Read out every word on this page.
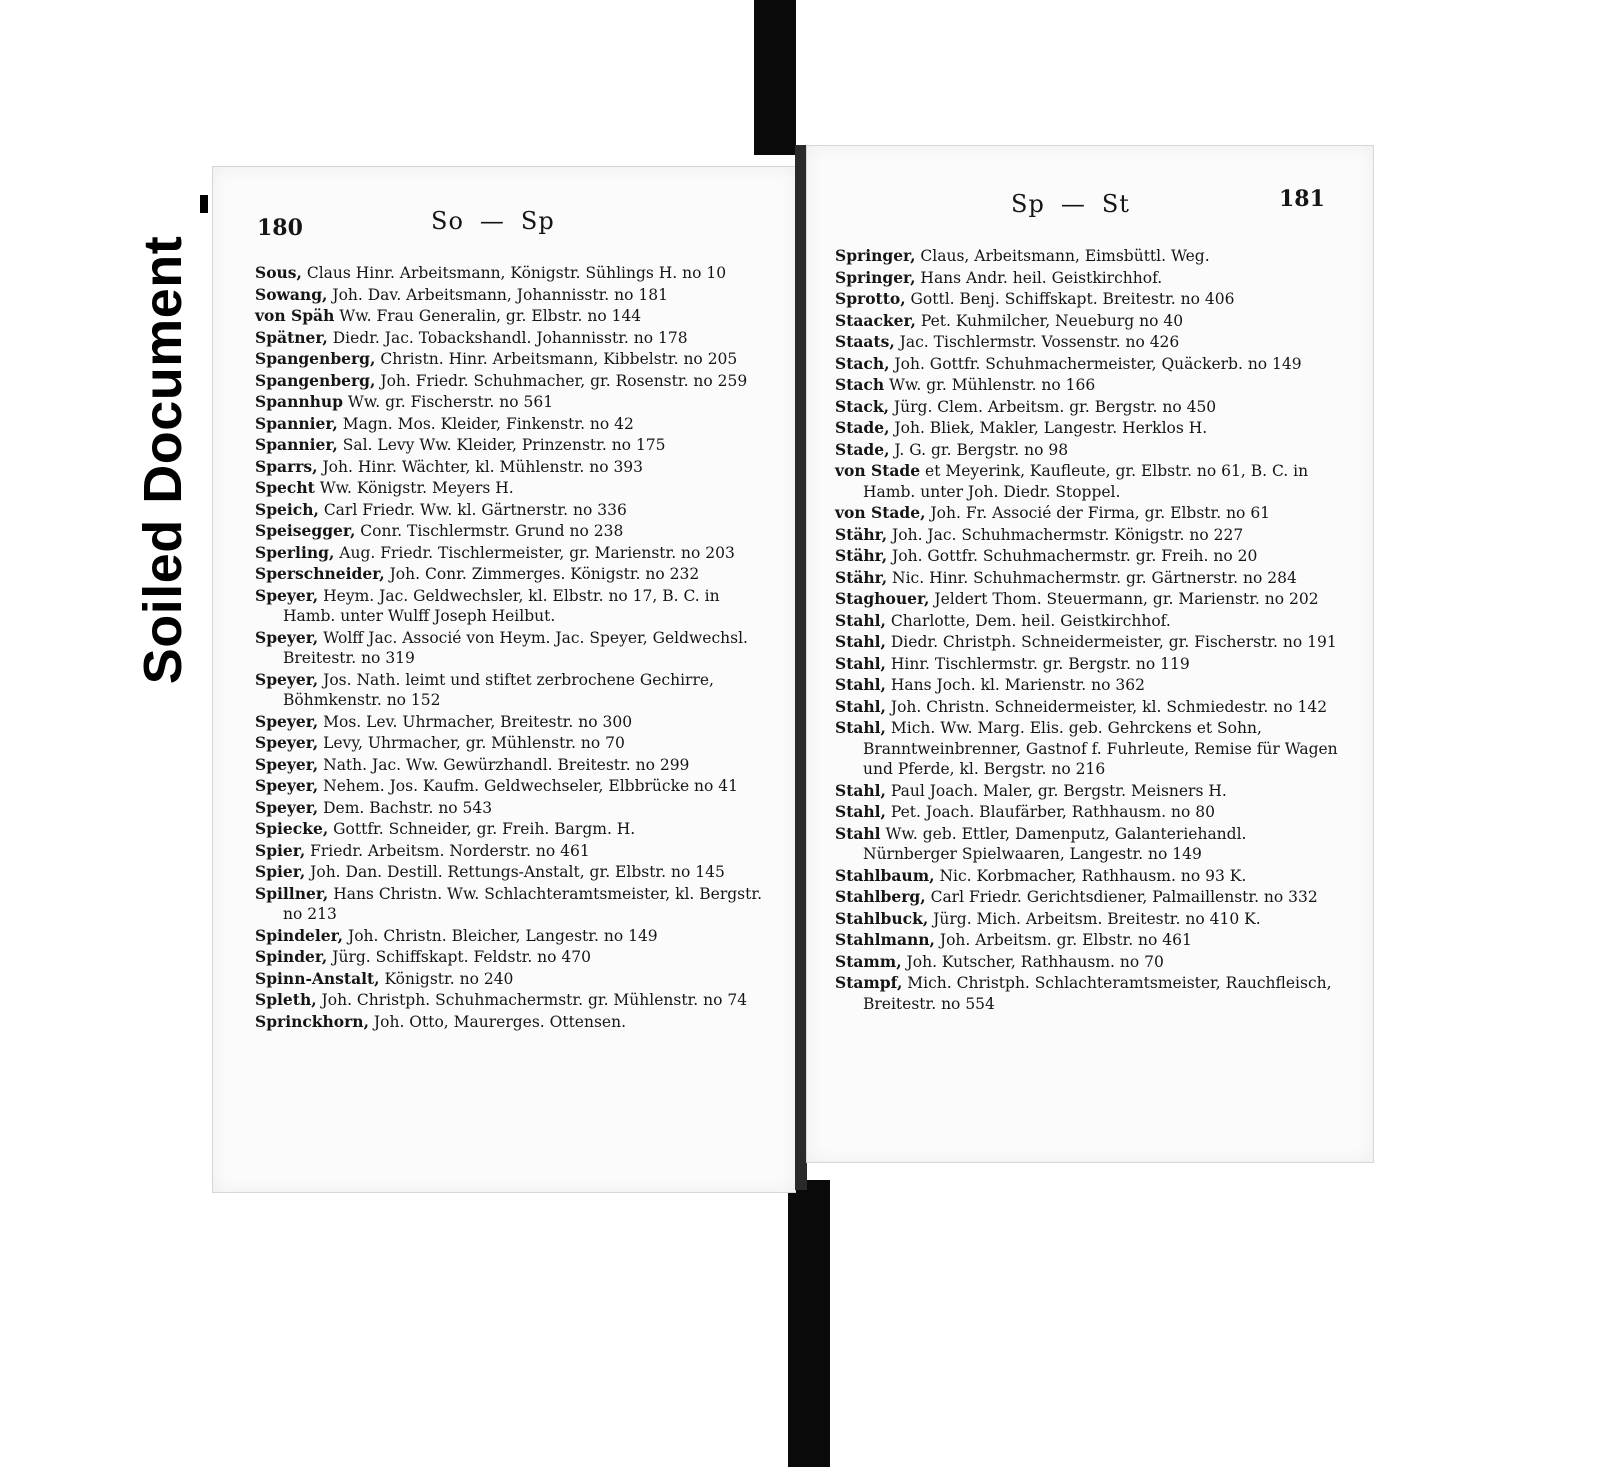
Soiled Document
180	So — Sp
Sous, Claus Hinr. Arbeitsmann, Königstr. Sühlings H. no 10
Sowang, Joh. Dav. Arbeitsmann, Johannisstr. no 181
von Späh Ww. Frau Generalin, gr. Elbstr. no 144
Spätner, Diedr. Jac. Tobackshandl. Johannisstr. no 178
Spangenberg, Christn. Hinr. Arbeitsmann, Kibbelstr. no 205
Spangenberg, Joh. Friedr. Schuhmacher, gr. Rosenstr. no 259
Spannhup Ww. gr. Fischerstr. no 561
Spannier, Magn. Mos. Kleider, Finkenstr. no 42
Spannier, Sal. Levy Ww. Kleider, Prinzenstr. no 175
Sparrs, Joh. Hinr. Wächter, kl. Mühlenstr. no 393
Specht Ww. Königstr. Meyers H.
Speich, Carl Friedr. Ww. kl. Gärtnerstr. no 336
Speisegger, Conr. Tischlermstr. Grund no 238
Sperling, Aug. Friedr. Tischlermeister, gr. Marienstr. no 203
Sperschneider, Joh. Conr. Zimmerges. Königstr. no 232
Speyer, Heym. Jac. Geldwechsler, kl. Elbstr. no 17, B. C. in Hamb. unter Wulff Joseph Heilbut.
Speyer, Wolff Jac. Associé von Heym. Jac. Speyer, Geldwechsl. Breitestr. no 319
Speyer, Jos. Nath. leimt und stiftet zerbrochene Gechirre, Böhmkenstr. no 152
Speyer, Mos. Lev. Uhrmacher, Breitestr. no 300
Speyer, Levy, Uhrmacher, gr. Mühlenstr. no 70
Speyer, Nath. Jac. Ww. Gewürzhandl. Breitestr. no 299
Speyer, Nehem. Jos. Kaufm. Geldwechseler, Elbbrücke no 41
Speyer, Dem. Bachstr. no 543
Spiecke, Gottfr. Schneider, gr. Freih. Bargm. H.
Spier, Friedr. Arbeitsm. Norderstr. no 461
Spier, Joh. Dan. Destill. Rettungs-Anstalt, gr. Elbstr. no 145
Spillner, Hans Christn. Ww. Schlachteramtsmeister, kl. Bergstr. no 213
Spindeler, Joh. Christn. Bleicher, Langestr. no 149
Spinder, Jürg. Schiffskapt. Feldstr. no 470
Spinn-Anstalt, Königstr. no 240
Spleth, Joh. Christph. Schuhmachermstr. gr. Mühlenstr. no 74
Sprinckhorn, Joh. Otto, Maurerges. Ottensen.
181
Sp — St
Springer, Claus, Arbeitsmann, Eimsbüttl. Weg.
Springer, Hans Andr. heil. Geistkirchhof.
Sprotto, Gottl. Benj. Schiffskapt. Breitestr. no 406
Staacker, Pet. Kuhmilcher, Neueburg no 40
Staats, Jac. Tischlermstr. Vossenstr. no 426
Stach, Joh. Gottfr. Schuhmachermeister, Quäckerb. no 149
Stach Ww. gr. Mühlenstr. no 166
Stack, Jürg. Clem. Arbeitsm. gr. Bergstr. no 450
Stade, Joh. Bliek, Makler, Langestr. Herklos H.
Stade, J. G. gr. Bergstr. no 98
von Stade et Meyerink, Kaufleute, gr. Elbstr. no 61, B. C. in Hamb. unter Joh. Diedr. Stoppel.
von Stade, Joh. Fr. Associé der Firma, gr. Elbstr. no 61
Stähr, Joh. Jac. Schuhmachermstr. Königstr. no 227
Stähr, Joh. Gottfr. Schuhmachermstr. gr. Freih. no 20
Stähr, Nic. Hinr. Schuhmachermstr. gr. Gärtnerstr. no 284
Staghouer, Jeldert Thom. Steuermann, gr. Marienstr. no 202
Stahl, Charlotte, Dem. heil. Geistkirchhof.
Stahl, Diedr. Christph. Schneidermeister, gr. Fischerstr. no 191
Stahl, Hinr. Tischlermstr. gr. Bergstr. no 119
Stahl, Hans Joch. kl. Marienstr. no 362
Stahl, Joh. Christn. Schneidermeister, kl. Schmiedestr. no 142
Stahl, Mich. Ww. Marg. Elis. geb. Gehrckens et Sohn, Branntweinbrenner, Gastnof f. Fuhrleute, Remise für Wagen und Pferde, kl. Bergstr. no 216
Stahl, Paul Joach. Maler, gr. Bergstr. Meisners H.
Stahl, Pet. Joach. Blaufärber, Rathhausm. no 80
Stahl Ww. geb. Ettler, Damenputz, Galanteriehandl. Nürnberger Spielwaaren, Langestr. no 149
Stahlbaum, Nic. Korbmacher, Rathhausm. no 93 K.
Stahlberg, Carl Friedr. Gerichtsdiener, Palmaillenstr. no 332
Stahlbuck, Jürg. Mich. Arbeitsm. Breitestr. no 410 K.
Stahlmann, Joh. Arbeitsm. gr. Elbstr. no 461
Stamm, Joh. Kutscher, Rathhausm. no 70
Stampf, Mich. Christph. Schlachteramtsmeister, Rauchfleisch, Breitestr. no 554
